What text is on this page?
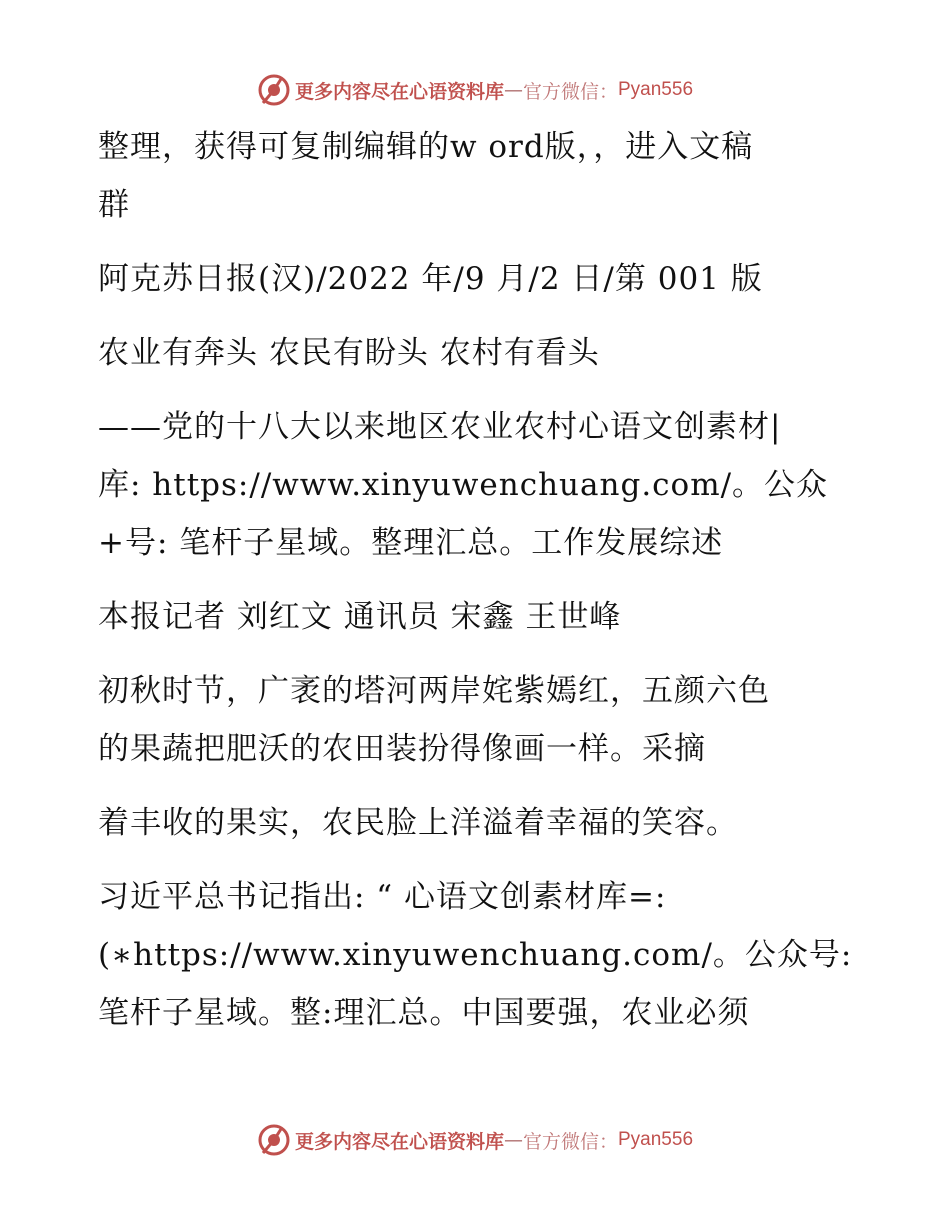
更多内容尽在心语资料库 — 官方微信： Pyan556
整理，获得可复制编辑的w ord版，，进入文稿
群
阿克苏日报(汉)/2022 年/9 月/2 日/第 001 版
农业有奔头 农民有盼头 农村有看头
——党的十八大以来地区农业农村心语文创素材|
库: https://www.xinyuwenchuang.com/。公众
+号: 笔杆子星域。整理汇总。工作发展综述
本报记者 刘红文 通讯员 宋鑫 王世峰
初秋时节，广袤的塔河两岸姹紫嫣红，五颜六色
的果蔬把肥沃的农田装扮得像画一样。采摘
着丰收的果实，农民脸上洋溢着幸福的笑容。
习近平总书记指出: “ 心语文创素材库=:
(∗https://www.xinyuwenchuang.com/。公众号:
笔杆子星域。整:理汇总。中国要强，农业必须
更多内容尽在心语资料库 — 官方微信： Pyan556
